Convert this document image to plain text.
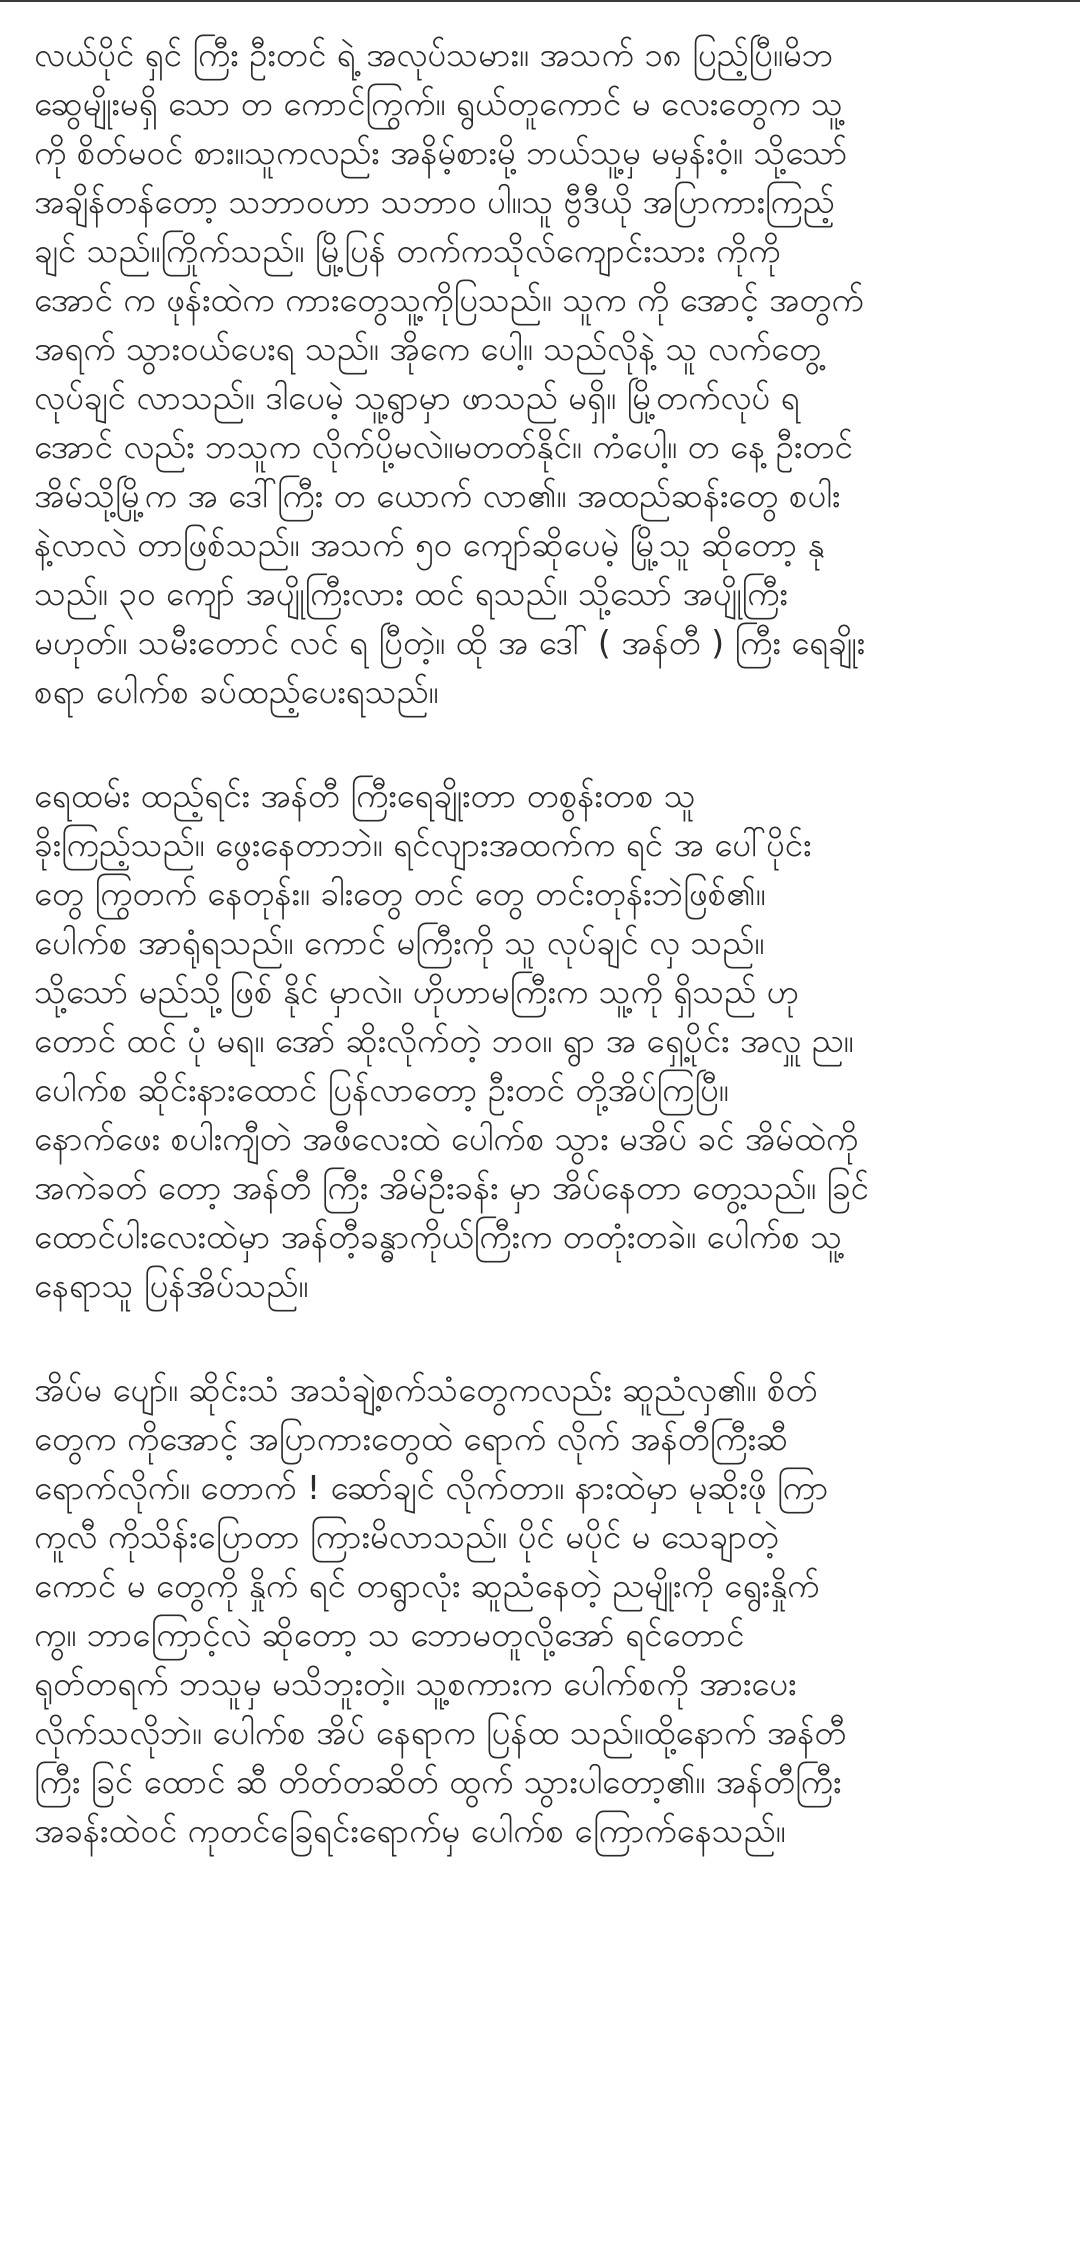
လယ်ပိုင် ရှင် ကြီး ဦးတင် ရဲ့ အလုပ်သမား။ အသက် ၁၈ ပြည့်ပြီ။မိဘ
ဆွေမျိုးမရှိ သော တ ကောင်ကြွက်။ ရွယ်တူကောင် မ လေးတွေက သူ့
ကို စိတ်မဝင် စား။သူကလည်း အနိမ့်စားမို့ ဘယ်သူ့မှ မမှန်းဝံ့။ သို့သော်
အချိန်တန်တော့ သဘာဝဟာ သဘာဝ ပါ။သူ ဗွီဒီယို အပြာကားကြည့်
ချင် သည်။ကြိုက်သည်။ မြို့ပြန် တက်ကသိုလ်ကျောင်းသား ကိုကို
အောင် က ဖုန်းထဲက ကားတွေသူ့ကိုပြသည်။ သူက ကို အောင့် အတွက်
အရက် သွားဝယ်ပေးရ သည်။ အိုကေ ပေါ့။ သည်လိုနဲ့ သူ လက်တွေ့
လုပ်ချင် လာသည်။ ဒါပေမဲ့ သူ့ရွာမှာ ဖာသည် မရှိ။ မြို့တက်လုပ် ရ
အောင် လည်း ဘသူက လိုက်ပို့မလဲ။မတတ်နိုင်။ ကံပေါ့။ တ နေ့ ဦးတင်
အိမ်သို့မြို့က အ ဒေါ်ကြီး တ ယောက် လာ၏။ အထည်ဆန်းတွေ စပါး
နဲ့လာလဲ တာဖြစ်သည်။ အသက် ၅၀ ကျော်ဆိုပေမဲ့ မြို့သူ ဆိုတော့ နု
သည်။ ၃၀ ကျော် အပျိုကြီးလား ထင် ရသည်။ သို့သော် အပျိုကြီး
မဟုတ်။ သမီးတောင် လင် ရ ပြီတဲ့။ ထို အ ဒေါ် ( အန်တီ ) ကြီး ရေချိုး
စရာ ပေါက်စ ခပ်ထည့်ပေးရသည်။

ရေထမ်း ထည့်ရင်း အန်တီ ကြီးရေချိုးတာ တစွန်းတစ သူ
ခိုးကြည့်သည်။ ဖွေးနေတာဘဲ။ ရင်လျားအထက်က ရင် အ ပေါ်ပိုင်း
တွေ ကြွတက် နေတုန်း။ ခါးတွေ တင် တွေ တင်းတုန်းဘဲဖြစ်၏။
ပေါက်စ အာရုံရသည်။ ကောင် မကြီးကို သူ လုပ်ချင် လှ သည်။
သို့သော် မည်သို့ဖြစ် နိုင် မှာလဲ။ ဟိုဟာမကြီးက သူ့ကို ရှိသည် ဟု
တောင် ထင် ပုံ မရ။ အော် ဆိုးလိုက်တဲ့ ဘဝ။ ရွာ အ ရှေ့ပိုင်း အလှူ ည။
ပေါက်စ ဆိုင်းနားထောင် ပြန်လာတော့ ဦးတင် တို့အိပ်ကြပြီ။
နောက်ဖေး စပါးကျီတဲ အဖီလေးထဲ ပေါက်စ သွား မအိပ် ခင် အိမ်ထဲကို
အကဲခတ် တော့ အန်တီ ကြီး အိမ်ဦးခန်း မှာ အိပ်နေတာ တွေ့သည်။ ခြင်
ထောင်ပါးလေးထဲမှာ အန်တီ့ခန္ဓာကိုယ်ကြီးက တတုံးတခဲ။ ပေါက်စ သူ့
နေရာသူ ပြန်အိပ်သည်။

အိပ်မ ပျော်။ ဆိုင်းသံ အသံချဲ့စက်သံတွေကလည်း ဆူညံလှ၏။ စိတ်
တွေက ကိုအောင့် အပြာကားတွေထဲ ရောက် လိုက် အန်တီကြီးဆီ
ရောက်လိုက်။ တောက် ! ဆော်ချင် လိုက်တာ။ နားထဲမှာ မုဆိုးဖို ကြာ
ကူလီ ကိုသိန်းပြောတာ ကြားမိလာသည်။ ပိုင် မပိုင် မ သေချာတဲ့
ကောင် မ တွေကို နှိုက် ရင် တရွာလုံး ဆူညံနေတဲ့ ညမျိုးကို ရွေးနှိုက်
ကွ။ ဘာကြောင့်လဲ ဆိုတော့ သ ဘောမတူလို့အော် ရင်တောင်
ရုတ်တရက် ဘသူမှ မသိဘူးတဲ့။ သူ့စကားက ပေါက်စကို အားပေး
လိုက်သလိုဘဲ။ ပေါက်စ အိပ် နေရာက ပြန်ထ သည်။ထို့နောက် အန်တီ
ကြီး ခြင် ထောင် ဆီ တိတ်တဆိတ် ထွက် သွားပါတော့၏။ အန်တီကြီး
အခန်းထဲဝင် ကုတင်ခြေရင်းရောက်မှ ပေါက်စ ကြောက်နေသည်။
